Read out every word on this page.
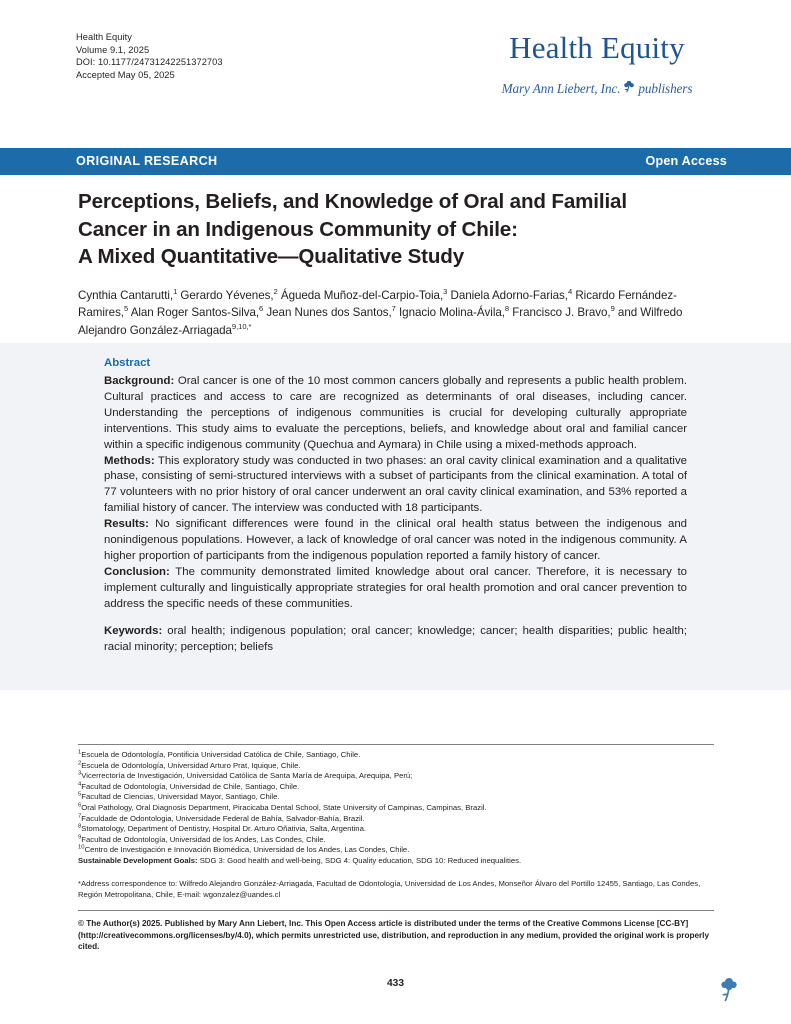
Health Equity
Volume 9.1, 2025
DOI: 10.1177/24731242251372703
Accepted May 05, 2025
Health Equity
Mary Ann Liebert, Inc. publishers
ORIGINAL RESEARCH	Open Access
Perceptions, Beliefs, and Knowledge of Oral and Familial
Cancer in an Indigenous Community of Chile:
A Mixed Quantitative—Qualitative Study
Cynthia Cantarutti,$^1$ Gerardo Yévenes,$^2$ Águeda Muñoz-del-Carpio-Toia,$^3$ Daniela Adorno-Farias,$^4$ Ricardo Fernández-Ramires,$^5$ Alan Roger Santos-Silva,$^6$ Jean Nunes dos Santos,$^7$ Ignacio Molina-Ávila,$^8$ Francisco J. Bravo,$^9$ and Wilfredo Alejandro González-Arriagada$^{9,10,*}$
Abstract

Background: Oral cancer is one of the 10 most common cancers globally and represents a public health problem. Cultural practices and access to care are recognized as determinants of oral diseases, including cancer. Understanding the perceptions of indigenous communities is crucial for developing culturally appropriate interventions. This study aims to evaluate the perceptions, beliefs, and knowledge about oral and familial cancer within a specific indigenous community (Quechua and Aymara) in Chile using a mixed-methods approach.

Methods: This exploratory study was conducted in two phases: an oral cavity clinical examination and a qualitative phase, consisting of semi-structured interviews with a subset of participants from the clinical examination. A total of 77 volunteers with no prior history of oral cancer underwent an oral cavity clinical examination, and 53% reported a familial history of cancer. The interview was conducted with 18 participants.

Results: No significant differences were found in the clinical oral health status between the indigenous and nonindigenous populations. However, a lack of knowledge of oral cancer was noted in the indigenous community. A higher proportion of participants from the indigenous population reported a family history of cancer.

Conclusion: The community demonstrated limited knowledge about oral cancer. Therefore, it is necessary to implement culturally and linguistically appropriate strategies for oral health promotion and oral cancer prevention to address the specific needs of these communities.

Keywords: oral health; indigenous population; oral cancer; knowledge; cancer; health disparities; public health; racial minority; perception; beliefs
$^1$Escuela de Odontología, Pontificia Universidad Católica de Chile, Santiago, Chile.
$^2$Escuela de Odontología, Universidad Arturo Prat, Iquique, Chile.
$^3$Vicerrectoría de Investigación, Universidad Católica de Santa María de Arequipa, Arequipa, Perú;
$^4$Facultad de Odontología, Universidad de Chile, Santiago, Chile.
$^5$Facultad de Ciencias, Universidad Mayor, Santiago, Chile.
$^6$Oral Pathology, Oral Diagnosis Department, Piracicaba Dental School, State University of Campinas, Campinas, Brazil.
$^7$Faculdade de Odontologia, Universidade Federal de Bahía, Salvador-Bahía, Brazil.
$^8$Stomatology, Department of Dentistry, Hospital Dr. Arturo Oñativia, Salta, Argentina.
$^9$Facultad de Odontología, Universidad de los Andes, Las Condes, Chile.
$^{10}$Centro de Investigación e Innovación Biomédica, Universidad de los Andes, Las Condes, Chile.
Sustainable Development Goals: SDG 3: Good health and well-being, SDG 4: Quality education, SDG 10: Reduced inequalities.
*Address correspondence to: Wilfredo Alejandro González-Arriagada, Facultad de Odontología, Universidad de Los Andes, Monseñor Álvaro del Portillo 12455, Santiago, Las Condes, Región Metropolitana, Chile, E-mail: wgonzalez@uandes.cl
© The Author(s) 2025. Published by Mary Ann Liebert, Inc. This Open Access article is distributed under the terms of the Creative Commons License [CC-BY] (http://creativecommons.org/licenses/by/4.0), which permits unrestricted use, distribution, and reproduction in any medium, provided the original work is properly cited.
433
